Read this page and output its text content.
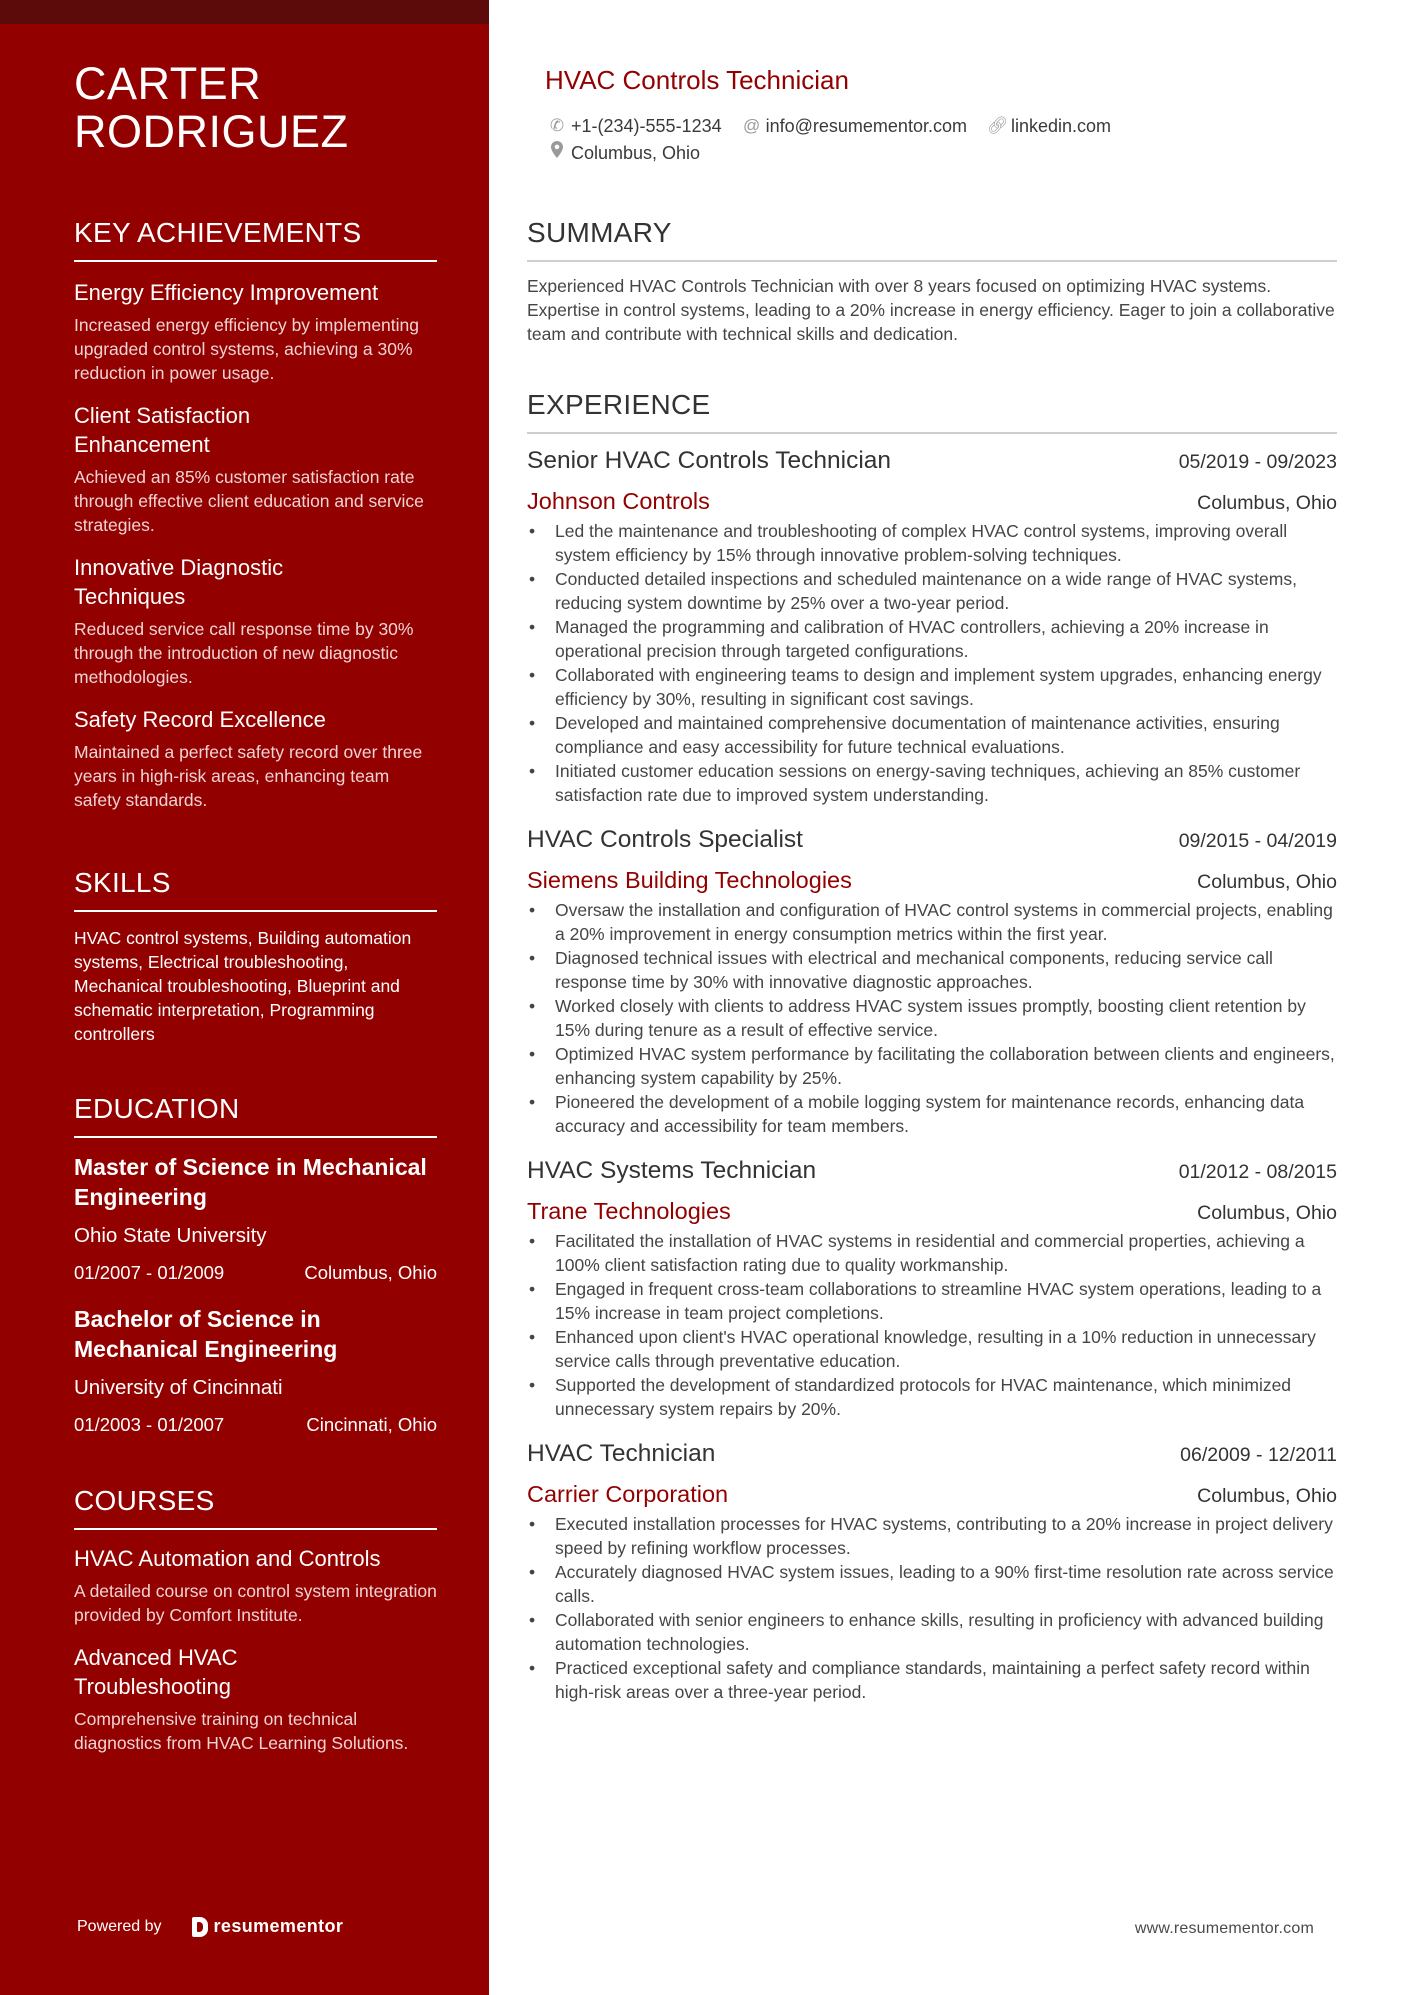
CARTER
RODRIGUEZ
KEY ACHIEVEMENTS
Energy Efficiency Improvement
Increased energy efficiency by implementing upgraded control systems, achieving a 30% reduction in power usage.
Client Satisfaction Enhancement
Achieved an 85% customer satisfaction rate through effective client education and service strategies.
Innovative Diagnostic Techniques
Reduced service call response time by 30% through the introduction of new diagnostic methodologies.
Safety Record Excellence
Maintained a perfect safety record over three years in high-risk areas, enhancing team safety standards.
SKILLS
HVAC control systems, Building automation systems, Electrical troubleshooting, Mechanical troubleshooting, Blueprint and schematic interpretation, Programming controllers
EDUCATION
Master of Science in Mechanical Engineering
Ohio State University
01/2007 - 01/2009	Columbus, Ohio
Bachelor of Science in Mechanical Engineering
University of Cincinnati
01/2003 - 01/2007	Cincinnati, Ohio
COURSES
HVAC Automation and Controls
A detailed course on control system integration provided by Comfort Institute.
Advanced HVAC Troubleshooting
Comprehensive training on technical diagnostics from HVAC Learning Solutions.
Powered by	resumementor
HVAC Controls Technician
✆ +1-(234)-555-1234 @ info@resumementor.com 🔗︎ linkedin.com
Columbus, Ohio
SUMMARY
Experienced HVAC Controls Technician with over 8 years focused on optimizing HVAC systems. Expertise in control systems, leading to a 20% increase in energy efficiency. Eager to join a collaborative team and contribute with technical skills and dedication.
EXPERIENCE
Senior HVAC Controls Technician	05/2019 - 09/2023
Johnson Controls	Columbus, Ohio
• Led the maintenance and troubleshooting of complex HVAC control systems, improving overall system efficiency by 15% through innovative problem-solving techniques.
• Conducted detailed inspections and scheduled maintenance on a wide range of HVAC systems, reducing system downtime by 25% over a two-year period.
• Managed the programming and calibration of HVAC controllers, achieving a 20% increase in operational precision through targeted configurations.
• Collaborated with engineering teams to design and implement system upgrades, enhancing energy efficiency by 30%, resulting in significant cost savings.
• Developed and maintained comprehensive documentation of maintenance activities, ensuring compliance and easy accessibility for future technical evaluations.
• Initiated customer education sessions on energy-saving techniques, achieving an 85% customer satisfaction rate due to improved system understanding.
HVAC Controls Specialist	09/2015 - 04/2019
Siemens Building Technologies	Columbus, Ohio
• Oversaw the installation and configuration of HVAC control systems in commercial projects, enabling a 20% improvement in energy consumption metrics within the first year.
• Diagnosed technical issues with electrical and mechanical components, reducing service call response time by 30% with innovative diagnostic approaches.
• Worked closely with clients to address HVAC system issues promptly, boosting client retention by 15% during tenure as a result of effective service.
• Optimized HVAC system performance by facilitating the collaboration between clients and engineers, enhancing system capability by 25%.
• Pioneered the development of a mobile logging system for maintenance records, enhancing data accuracy and accessibility for team members.
HVAC Systems Technician	01/2012 - 08/2015
Trane Technologies	Columbus, Ohio
• Facilitated the installation of HVAC systems in residential and commercial properties, achieving a 100% client satisfaction rating due to quality workmanship.
• Engaged in frequent cross-team collaborations to streamline HVAC system operations, leading to a 15% increase in team project completions.
• Enhanced upon client's HVAC operational knowledge, resulting in a 10% reduction in unnecessary service calls through preventative education.
• Supported the development of standardized protocols for HVAC maintenance, which minimized unnecessary system repairs by 20%.
HVAC Technician	06/2009 - 12/2011
Carrier Corporation	Columbus, Ohio
• Executed installation processes for HVAC systems, contributing to a 20% increase in project delivery speed by refining workflow processes.
• Accurately diagnosed HVAC system issues, leading to a 90% first-time resolution rate across service calls.
• Collaborated with senior engineers to enhance skills, resulting in proficiency with advanced building automation technologies.
• Practiced exceptional safety and compliance standards, maintaining a perfect safety record within high-risk areas over a three-year period.
www.resumementor.com
